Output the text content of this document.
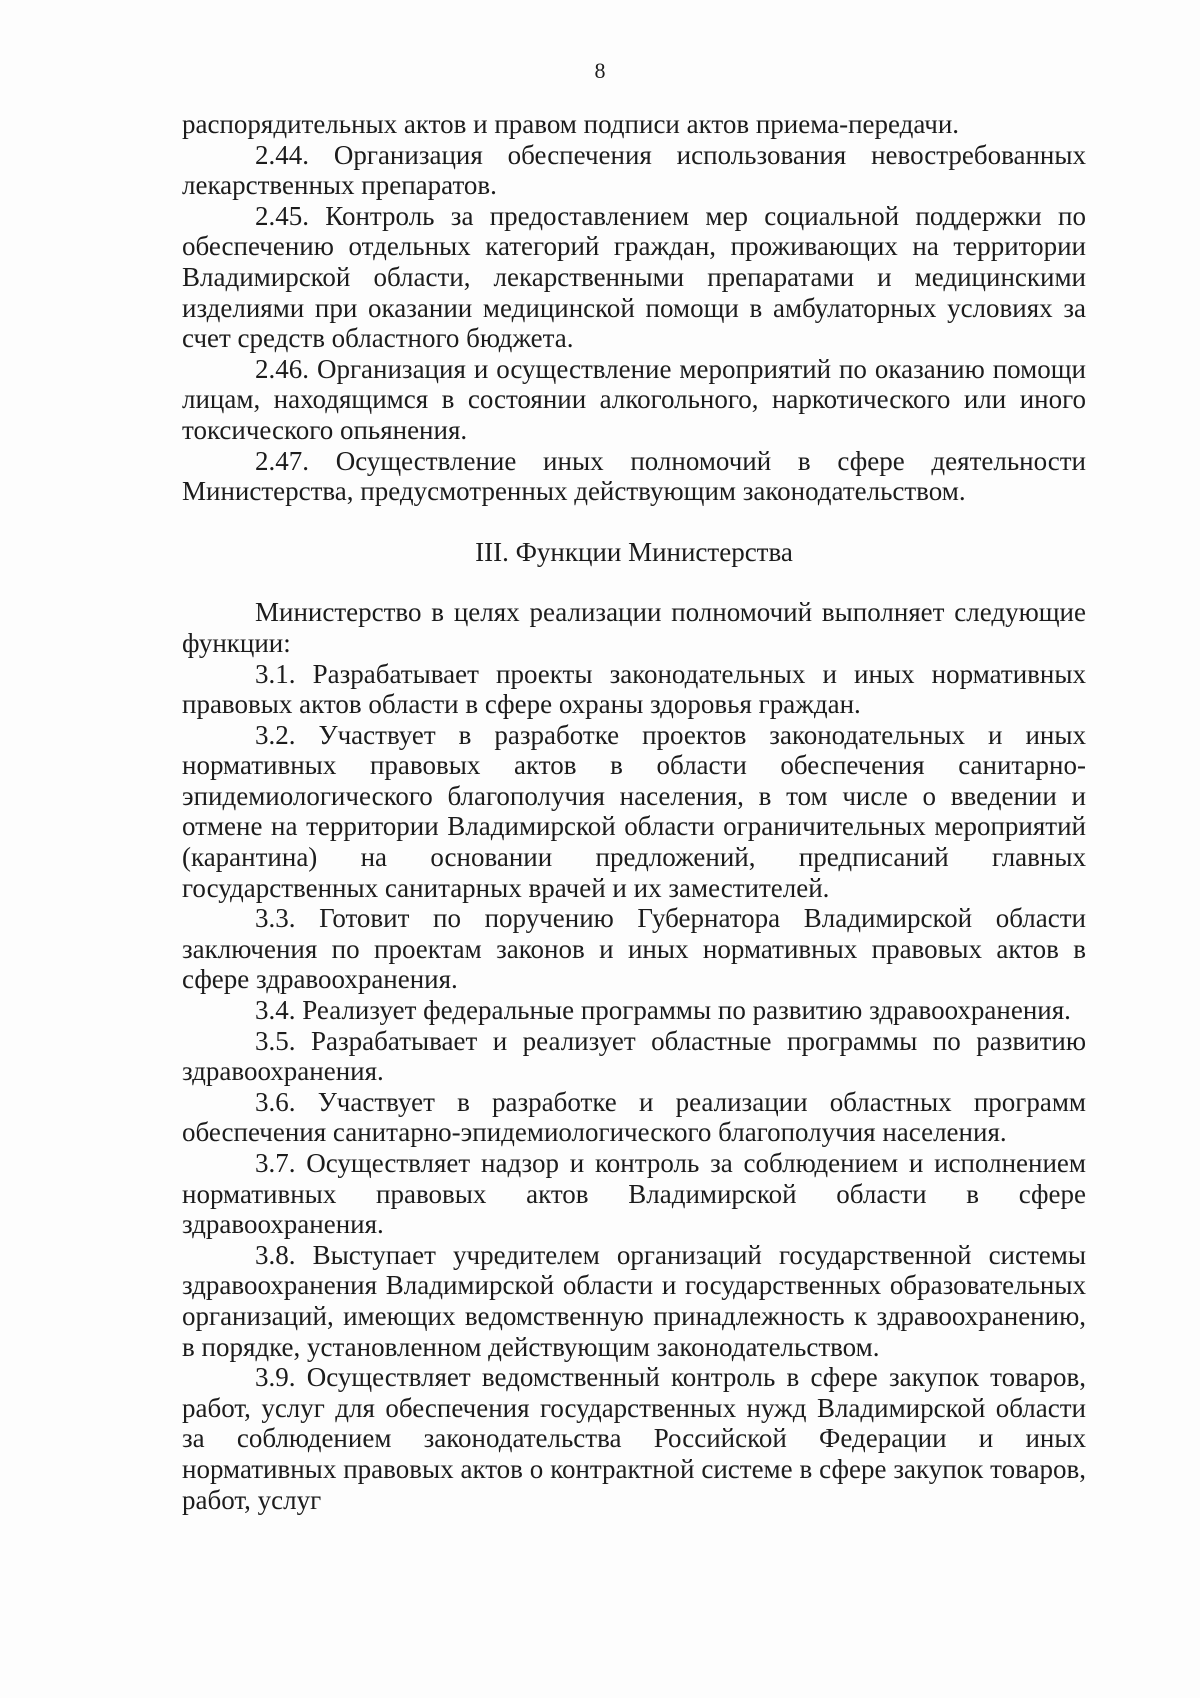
8

распорядительных актов и правом подписи актов приема-передачи.

2.44. Организация обеспечения использования невостребованных лекарственных препаратов.

2.45. Контроль за предоставлением мер социальной поддержки по обеспечению отдельных категорий граждан, проживающих на территории Владимирской области, лекарственными препаратами и медицинскими изделиями при оказании медицинской помощи в амбулаторных условиях за счет средств областного бюджета.

2.46. Организация и осуществление мероприятий по оказанию помощи лицам, находящимся в состоянии алкогольного, наркотического или иного токсического опьянения.

2.47. Осуществление иных полномочий в сфере деятельности Министерства, предусмотренных действующим законодательством.

III. Функции Министерства

Министерство в целях реализации полномочий выполняет следующие функции:

3.1. Разрабатывает проекты законодательных и иных нормативных правовых актов области в сфере охраны здоровья граждан.

3.2. Участвует в разработке проектов законодательных и иных нормативных правовых актов в области обеспечения санитарно-эпидемиологического благополучия населения, в том числе о введении и отмене на территории Владимирской области ограничительных мероприятий (карантина) на основании предложений, предписаний главных государственных санитарных врачей и их заместителей.

3.3. Готовит по поручению Губернатора Владимирской области заключения по проектам законов и иных нормативных правовых актов в сфере здравоохранения.

3.4. Реализует федеральные программы по развитию здравоохранения.

3.5. Разрабатывает и реализует областные программы по развитию здравоохранения.

3.6. Участвует в разработке и реализации областных программ обеспечения санитарно-эпидемиологического благополучия населения.

3.7. Осуществляет надзор и контроль за соблюдением и исполнением нормативных правовых актов Владимирской области в сфере здравоохранения.

3.8. Выступает учредителем организаций государственной системы здравоохранения Владимирской области и государственных образовательных организаций, имеющих ведомственную принадлежность к здравоохранению, в порядке, установленном действующим законодательством.

3.9. Осуществляет ведомственный контроль в сфере закупок товаров, работ, услуг для обеспечения государственных нужд Владимирской области за соблюдением законодательства Российской Федерации и иных нормативных правовых актов о контрактной системе в сфере закупок товаров, работ, услуг
